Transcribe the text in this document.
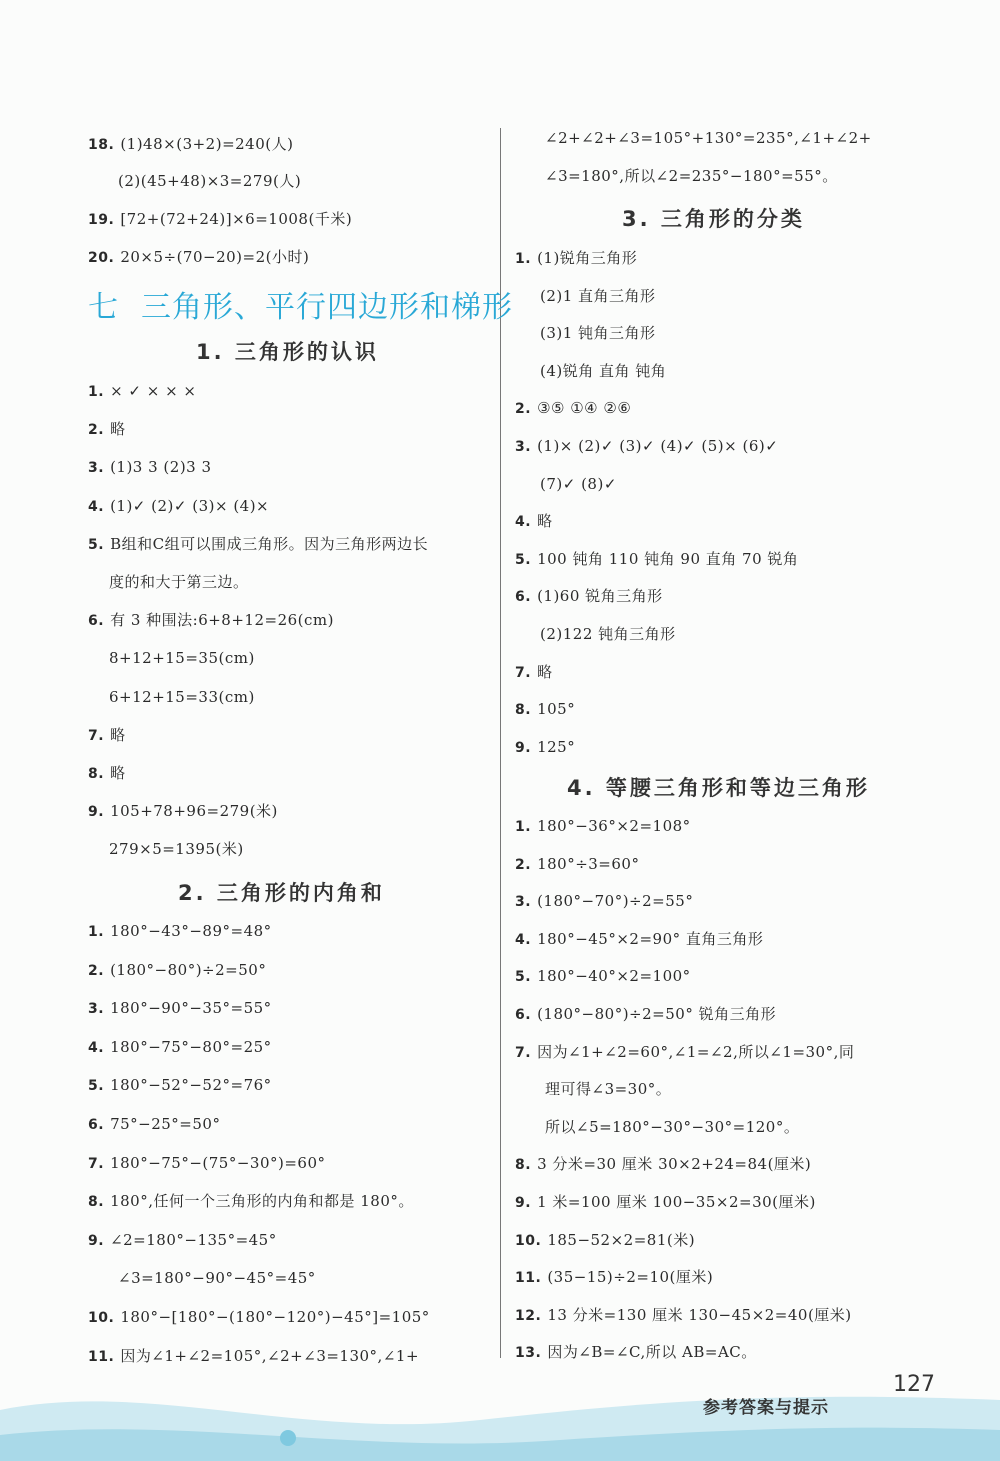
18. (1)48×(3+2)=240(人)
(2)(45+48)×3=279(人)
19. [72+(72+24)]×6=1008(千米)
20. 20×5÷(70−20)=2(小时)
七 三角形、平行四边形和梯形
1. 三角形的认识
1. × ✓ × × ×
2. 略
3. (1)3 3 (2)3 3
4. (1)✓ (2)✓ (3)× (4)×
5. B组和C组可以围成三角形。因为三角形两边长
度的和大于第三边。
6. 有 3 种围法:6+8+12=26(cm)
8+12+15=35(cm)
6+12+15=33(cm)
7. 略
8. 略
9. 105+78+96=279(米)
279×5=1395(米)
2. 三角形的内角和
1. 180°−43°−89°=48°
2. (180°−80°)÷2=50°
3. 180°−90°−35°=55°
4. 180°−75°−80°=25°
5. 180°−52°−52°=76°
6. 75°−25°=50°
7. 180°−75°−(75°−30°)=60°
8. 180°,任何一个三角形的内角和都是 180°。
9. ∠2=180°−135°=45°
∠3=180°−90°−45°=45°
10. 180°−[180°−(180°−120°)−45°]=105°
11. 因为∠1+∠2=105°,∠2+∠3=130°,∠1+
∠2+∠2+∠3=105°+130°=235°,∠1+∠2+
∠3=180°,所以∠2=235°−180°=55°。
3. 三角形的分类
1. (1)锐角三角形
(2)1 直角三角形
(3)1 钝角三角形
(4)锐角 直角 钝角
2. ③⑤ ①④ ②⑥
3. (1)× (2)✓ (3)✓ (4)✓ (5)× (6)✓
(7)✓ (8)✓
4. 略
5. 100 钝角 110 钝角 90 直角 70 锐角
6. (1)60 锐角三角形
(2)122 钝角三角形
7. 略
8. 105°
9. 125°
4. 等腰三角形和等边三角形
1. 180°−36°×2=108°
2. 180°÷3=60°
3. (180°−70°)÷2=55°
4. 180°−45°×2=90° 直角三角形
5. 180°−40°×2=100°
6. (180°−80°)÷2=50° 锐角三角形
7. 因为∠1+∠2=60°,∠1=∠2,所以∠1=30°,同
理可得∠3=30°。
所以∠5=180°−30°−30°=120°。
8. 3 分米=30 厘米 30×2+24=84(厘米)
9. 1 米=100 厘米 100−35×2=30(厘米)
10. 185−52×2=81(米)
11. (35−15)÷2=10(厘米)
12. 13 分米=130 厘米 130−45×2=40(厘米)
13. 因为∠B=∠C,所以 AB=AC。
127
参考答案与提示
